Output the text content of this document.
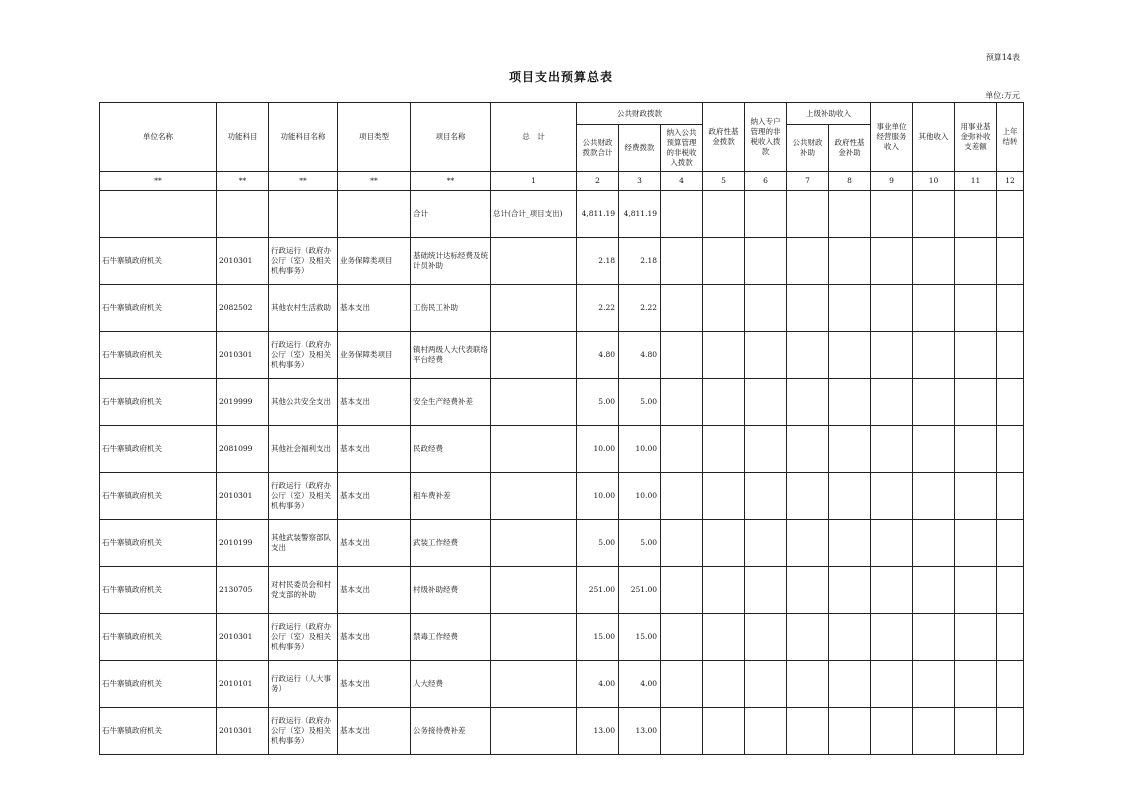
预算14表
项目支出预算总表
单位:万元
单位名称	功能科目	功能科目名称	项目类型	项目名称	总　计	公共财政拨款			政府性基金拨款	纳入专户管理的非税收入拨款	上级补助收入		事业单位经营服务收入	其他收入	用事业基金弥补收支差额	上年结转
						公共财政拨款合计	经费拨款	纳入公共预算管理的非税收入拨款			公共财政补助	政府性基金补助				
**	**	**	**	**	1	2	3	4	5	6	7	8	9	10	11	12
				合计	总计(合计_项目支出)	4,811.19	4,811.19									
石牛寨镇政府机关	2010301	行政运行（政府办公厅（室）及相关机构事务）	业务保障类项目	基础统计达标经费及统计员补助		2.18	2.18									
石牛寨镇政府机关	2082502	其他农村生活救助	基本支出	工伤民工补助		2.22	2.22									
石牛寨镇政府机关	2010301	行政运行（政府办公厅（室）及相关机构事务）	业务保障类项目	镇村两级人大代表联络平台经费		4.80	4.80									
石牛寨镇政府机关	2019999	其他公共安全支出	基本支出	安全生产经费补差		5.00	5.00									
石牛寨镇政府机关	2081099	其他社会福利支出	基本支出	民政经费		10.00	10.00									
石牛寨镇政府机关	2010301	行政运行（政府办公厅（室）及相关机构事务）	基本支出	租车费补差		10.00	10.00									
石牛寨镇政府机关	2010199	其他武装警察部队支出	基本支出	武装工作经费		5.00	5.00									
石牛寨镇政府机关	2130705	对村民委员会和村党支部的补助	基本支出	村级补助经费		251.00	251.00									
石牛寨镇政府机关	2010301	行政运行（政府办公厅（室）及相关机构事务）	基本支出	禁毒工作经费		15.00	15.00									
石牛寨镇政府机关	2010101	行政运行（人大事务）	基本支出	人大经费		4.00	4.00									
石牛寨镇政府机关	2010301	行政运行（政府办公厅（室）及相关机构事务）	基本支出	公务接待费补差		13.00	13.00									
